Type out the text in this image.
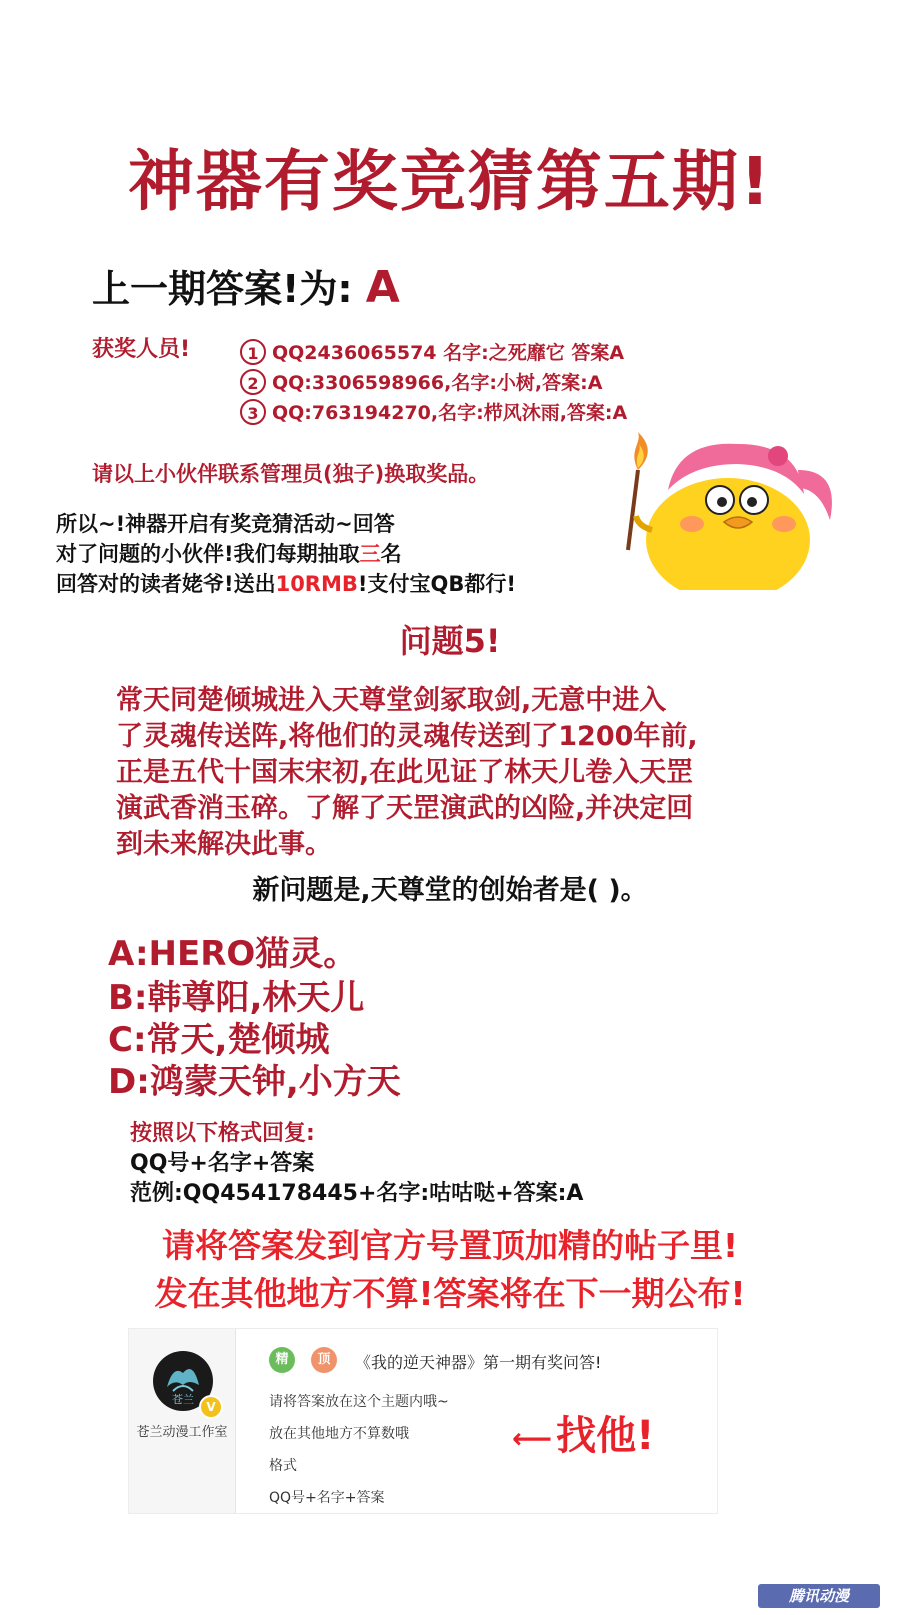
神器有奖竞猜第五期!
上一期答案!为: A
获奖人员!	1 QQ2436065574 名字:之死靡它 答案A
2 QQ:3306598966,名字:小树,答案:A
3 QQ:763194270,名字:栉风沐雨,答案:A
请以上小伙伴联系管理员(独子)换取奖品。
所以~!神器开启有奖竞猜活动~回答
对了问题的小伙伴!我们每期抽取三名
回答对的读者姥爷!送出10RMB!支付宝QB都行!
问题5!
常天同楚倾城进入天尊堂剑冢取剑,无意中进入
了灵魂传送阵,将他们的灵魂传送到了1200年前,
正是五代十国末宋初,在此见证了林天儿卷入天罡
演武香消玉碎。了解了天罡演武的凶险,并决定回
到未来解决此事。
新问题是,天尊堂的创始者是( )。
A:HERO猫灵。
B:韩尊阳,林天儿
C:常天,楚倾城
D:鸿蒙天钟,小方天
按照以下格式回复:
QQ号+名字+答案
范例:QQ454178445+名字:咕咕哒+答案:A
请将答案发到官方号置顶加精的帖子里!
发在其他地方不算!答案将在下一期公布!
苍兰
V
苍兰动漫工作室
精	顶	《我的逆天神器》第一期有奖问答!
请将答案放在这个主题内哦~
放在其他地方不算数哦
格式
QQ号+名字+答案
⟵ 找他!
腾讯动漫
